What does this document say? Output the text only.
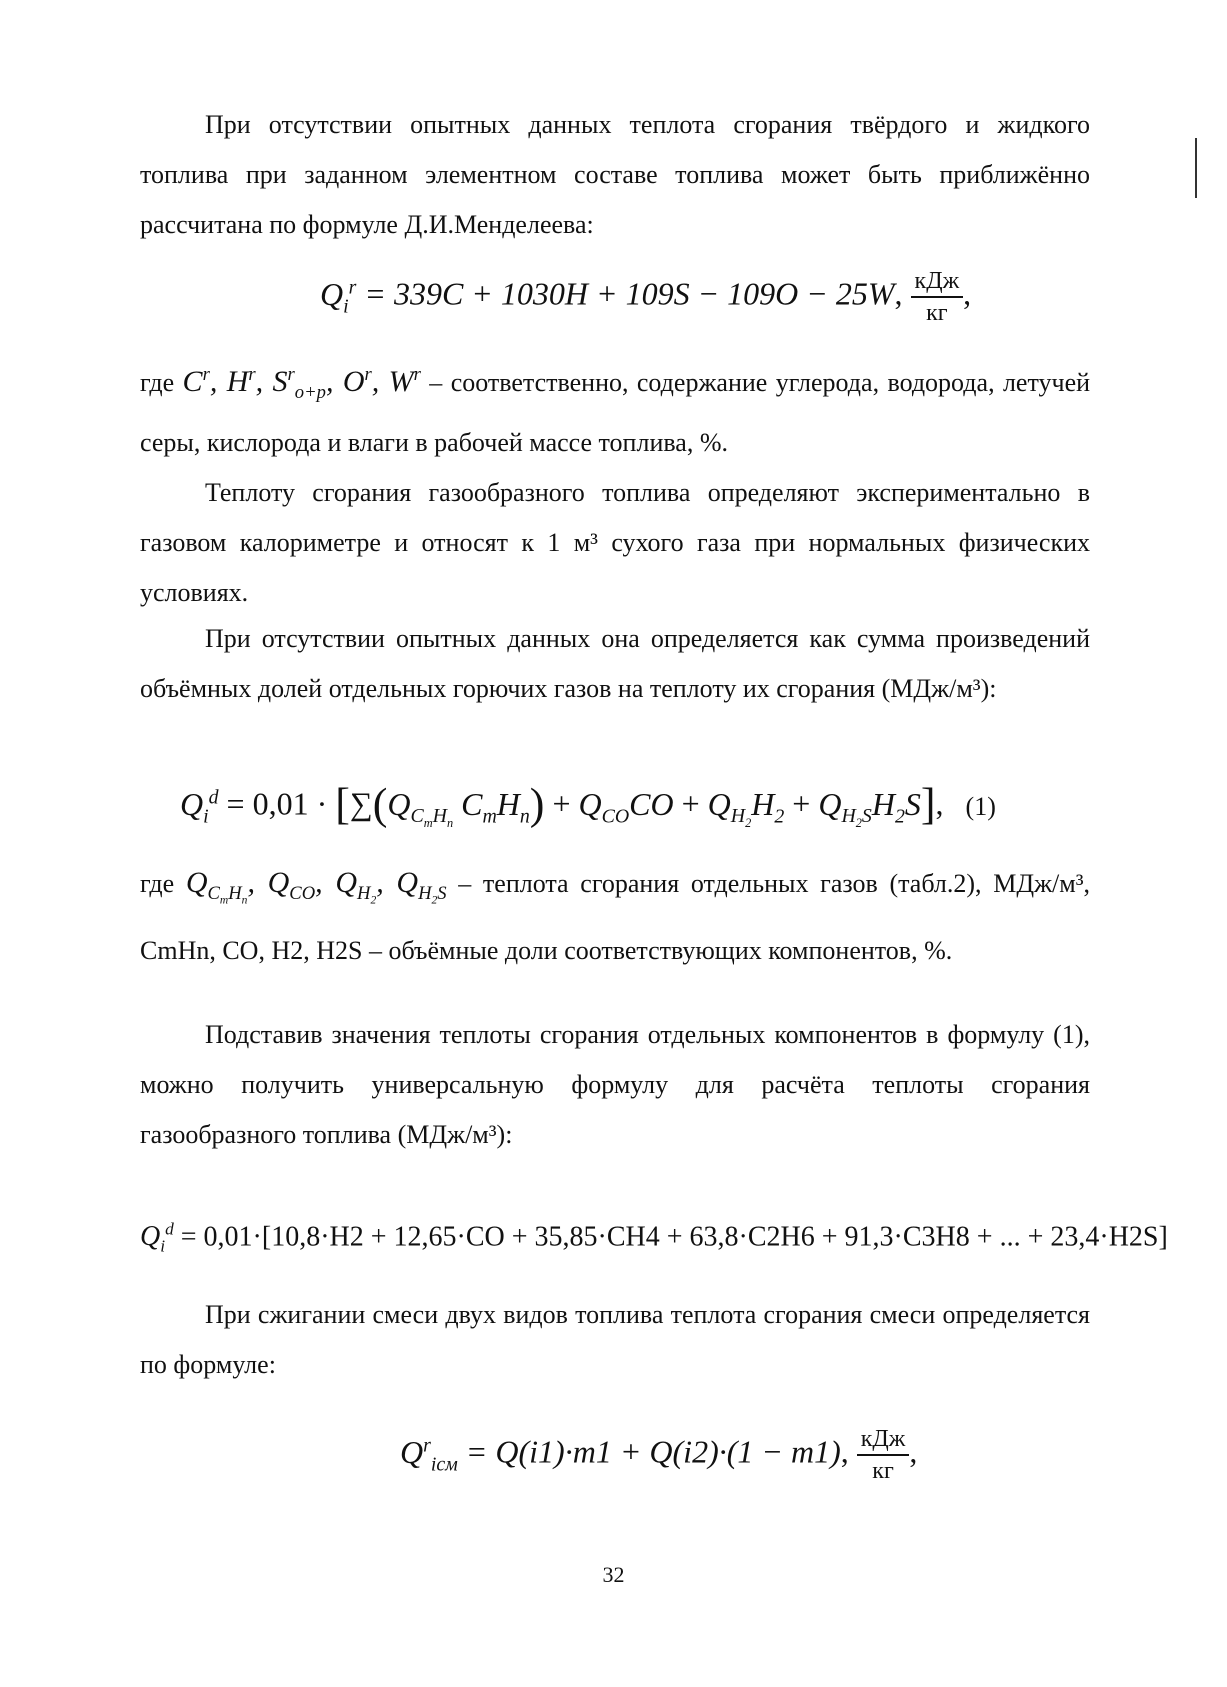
При отсутствии опытных данных теплота сгорания твёрдого и жидкого топлива при заданном элементном составе топлива может быть приближённо рассчитана по формуле Д.И.Менделеева:
$Q_i^r = 339C + 1030H + 109S - 109O - 25W$, $\frac{\text{кДж}}{кг}$ ,
где $C^r$, $H^r$, $S^r_{o+p}$, $O^r$, $W^r$ – соответственно, содержание углерода, водорода, летучей серы, кислорода и влаги в рабочей массе топлива, %.
Теплоту сгорания газообразного топлива определяют экспериментально в газовом калориметре и относят к 1 м³ сухого газа при нормальных физических условиях.
При отсутствии опытных данных она определяется как сумма произведений объёмных долей отдельных горючих газов на теплоту их сгорания (МДж/м³):
$Q_i^d = 0,01 \cdot [\sum(Q_{C_mH_n}$ $C_mH_n) + Q_{CO}CO + Q_{H_2}H_2 + Q_{H_2S}H_2S$], (1)
где $Q_{C_mH_n}$, $Q_{CO}$, $Q_{H_2}$, $Q_{H_2S}$ – теплота сгорания отдельных газов (табл.2), МДж/м³, CmHn, CO, H2, H2S – объёмные доли соответствующих компонентов, %.
Подставив значения теплоты сгорания отдельных компонентов в формулу (1), можно получить универсальную формулу для расчёта теплоты сгорания газообразного топлива (МДж/м³):
$Q_i^d = 0,01\cdot[10,8\cdot H2 + 12,65\cdot CO + 35,85\cdot CH4 + 63,8\cdot C2H6 + 91,3\cdot C3H8$ + ... + 23,4·H2S]
При сжигании смеси двух видов топлива теплота сгорания смеси определяется по формуле:
$Q^r_{iсм} = Q(i1)\cdot m1 + Q(i2)\cdot(1 - m1)$, $\frac{\text{кДж}}{кг}$ ,
32
